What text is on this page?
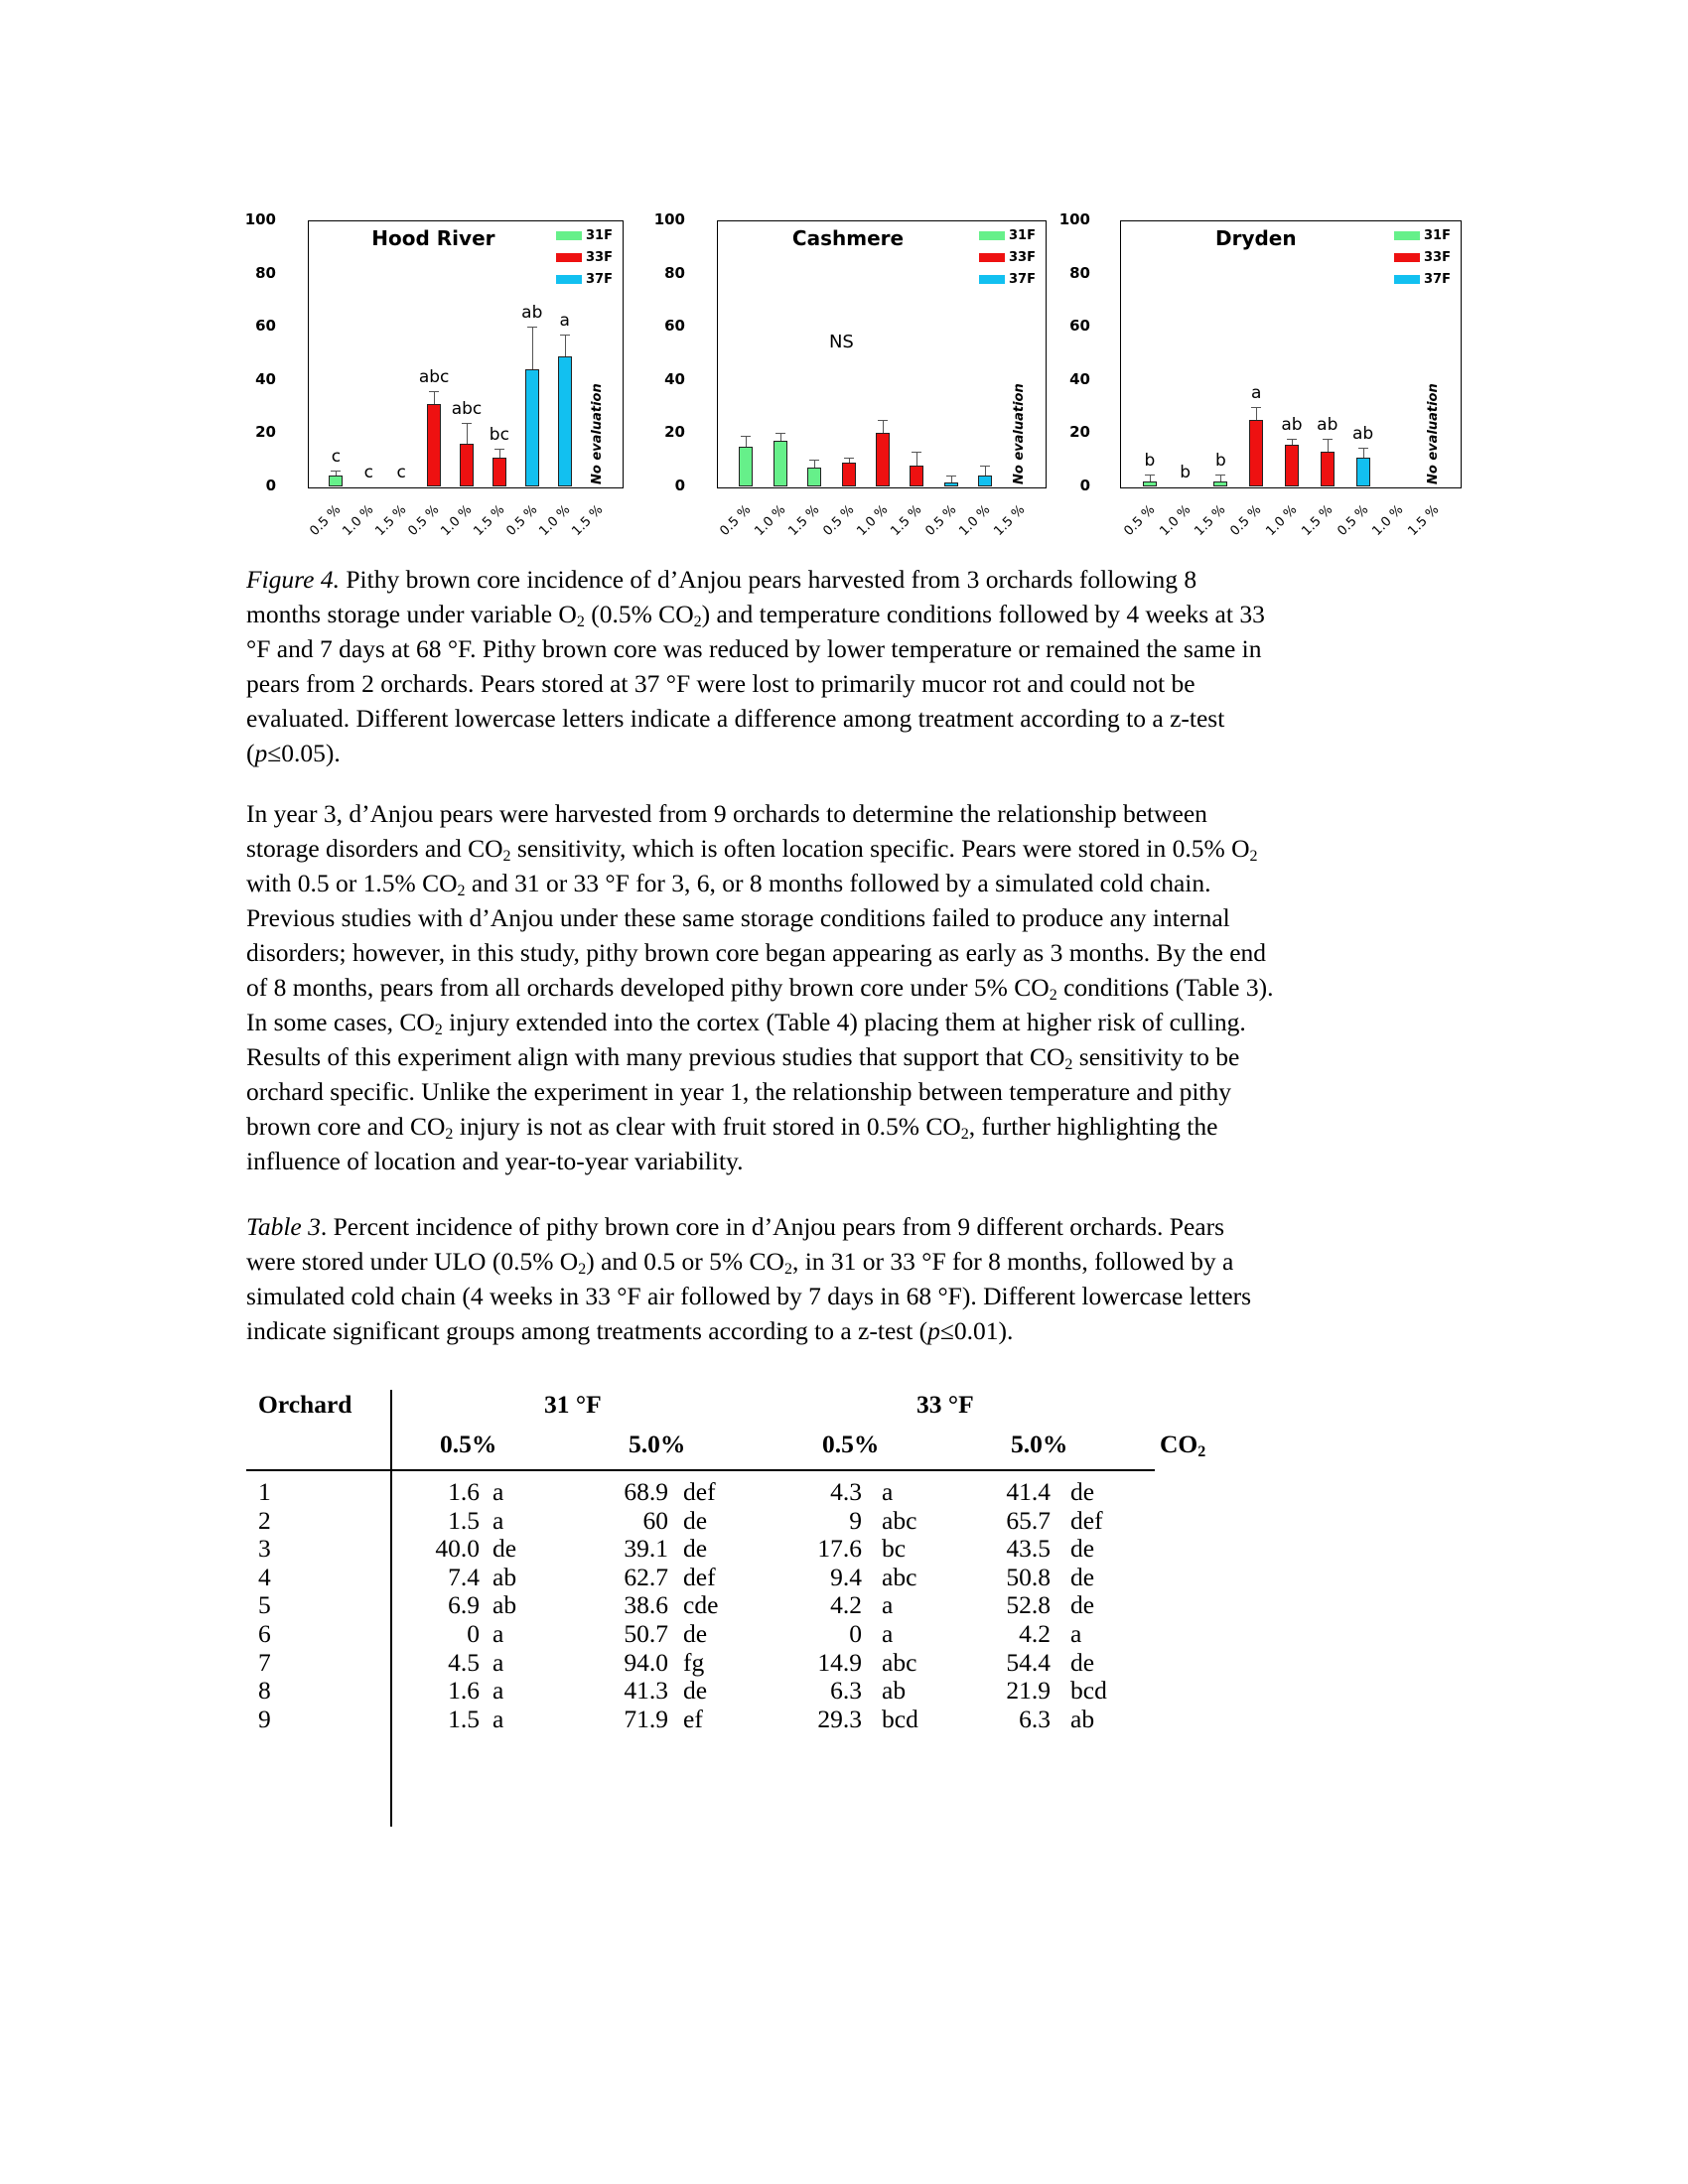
100
80
60
40
20
0
Hood River	31F
33F
37F
c
0.5 %
c
1.0 %
c
1.5 %
abc
0.5 %
abc
1.0 %
bc
1.5 %
ab
0.5 %
a
1.0 %
No evaluation
1.5 %
100
80
60
40
20
0
Cashmere	31F
33F
37F
NS
0.5 %
1.0 %
1.5 %
0.5 %
1.0 %
1.5 %
0.5 %
1.0 %
No evaluation
1.5 %
100
80
60
40
20
0
Dryden	31F
33F
37F
b
0.5 %
b
1.0 %
b
1.5 %
a
0.5 %
ab
1.0 %
ab
1.5 %
ab
0.5 %
1.0 %
No evaluation
1.5 %
Figure 4. Pithy brown core incidence of d’Anjou pears harvested from 3 orchards following 8
months storage under variable $O_2$ (0.5% $CO_2$) and temperature conditions followed by 4 weeks at 33
°F and 7 days at 68 °F. Pithy brown core was reduced by lower temperature or remained the same in
pears from 2 orchards. Pears stored at 37 °F were lost to primarily mucor rot and could not be
evaluated. Different lowercase letters indicate a difference among treatment according to a z-test
(p≤0.05).
In year 3, d’Anjou pears were harvested from 9 orchards to determine the relationship between
storage disorders and $CO_2$ sensitivity, which is often location specific. Pears were stored in 0.5% $O_2$
with 0.5 or 1.5% $CO_2$ and 31 or 33 °F for 3, 6, or 8 months followed by a simulated cold chain.
Previous studies with d’Anjou under these same storage conditions failed to produce any internal
disorders; however, in this study, pithy brown core began appearing as early as 3 months. By the end
of 8 months, pears from all orchards developed pithy brown core under 5% $CO_2$ conditions (Table 3).
In some cases, $CO_2$ injury extended into the cortex (Table 4) placing them at higher risk of culling.
Results of this experiment align with many previous studies that support that $CO_2$ sensitivity to be
orchard specific. Unlike the experiment in year 1, the relationship between temperature and pithy
brown core and $CO_2$ injury is not as clear with fruit stored in 0.5% $CO_2$, further highlighting the
influence of location and year-to-year variability.
Table 3. Percent incidence of pithy brown core in d’Anjou pears from 9 different orchards. Pears
were stored under ULO (0.5% $O_2$) and 0.5 or 5% $CO_2$, in 31 or 33 °F for 8 months, followed by a
simulated cold chain (4 weeks in 33 °F air followed by 7 days in 68 °F). Different lowercase letters
indicate significant groups among treatments according to a z-test (p≤0.01).
Orchard	31 °F	33 °F
0.5%	5.0%	0.5%	5.0%	$CO_2$
1	1.6 a	68.9 def	4.3 a	41.4 de
2	1.5 a	60 de	9 abc	65.7 def
3	40.0 de	39.1 de	17.6 bc	43.5 de
4	7.4 ab	62.7 def	9.4 abc	50.8 de
5	6.9 ab	38.6 cde	4.2 a	52.8 de
6	0 a	50.7 de	0 a	4.2 a
7	4.5 a	94.0 fg	14.9 abc	54.4 de
8	1.6 a	41.3 de	6.3 ab	21.9 bcd
9	1.5 a	71.9 ef	29.3 bcd	6.3 ab
